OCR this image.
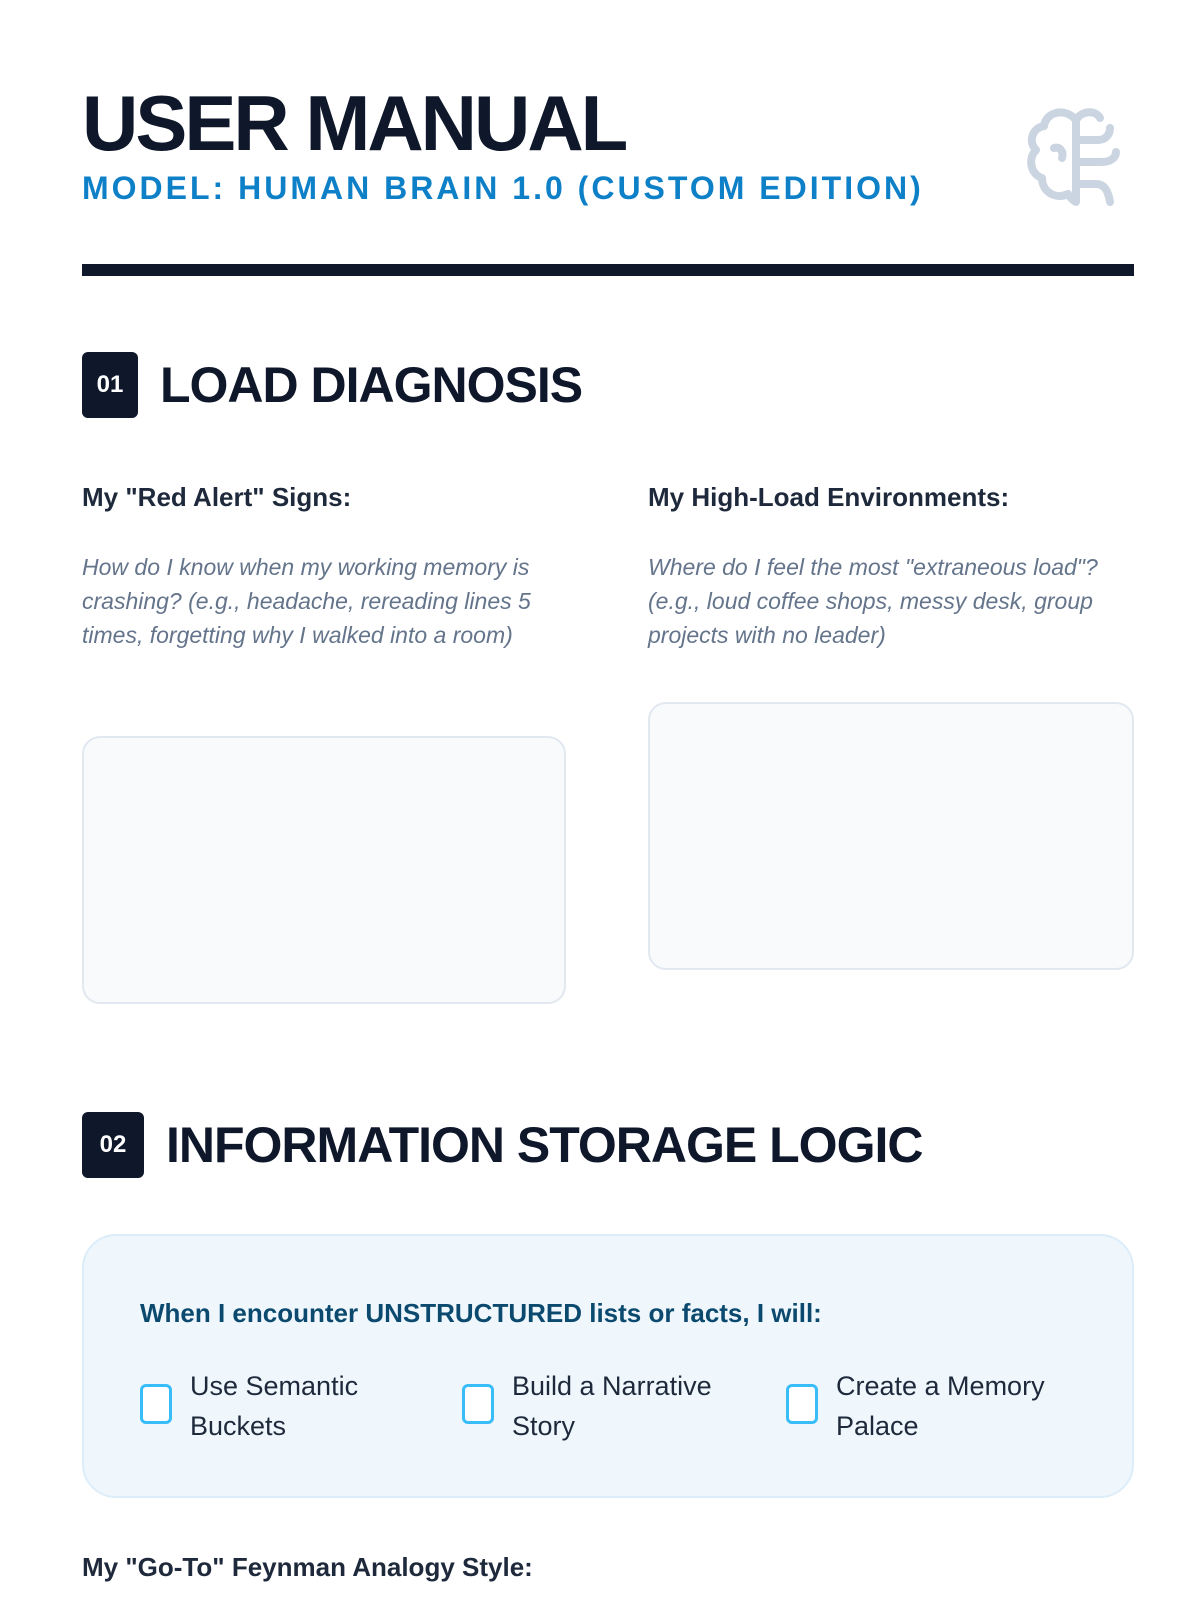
USER MANUAL

MODEL: HUMAN BRAIN 1.0 (CUSTOM EDITION)

01 LOAD DIAGNOSIS

My "Red Alert" Signs:

How do I know when my working memory is crashing? (e.g., headache, rereading lines 5 times, forgetting why I walked into a room)

My High-Load Environments:

Where do I feel the most "extraneous load"? (e.g., loud coffee shops, messy desk, group projects with no leader)

02 INFORMATION STORAGE LOGIC

When I encounter UNSTRUCTURED lists or facts, I will:

Use Semantic Buckets
Build a Narrative Story
Create a Memory Palace

My "Go-To" Feynman Analogy Style:
